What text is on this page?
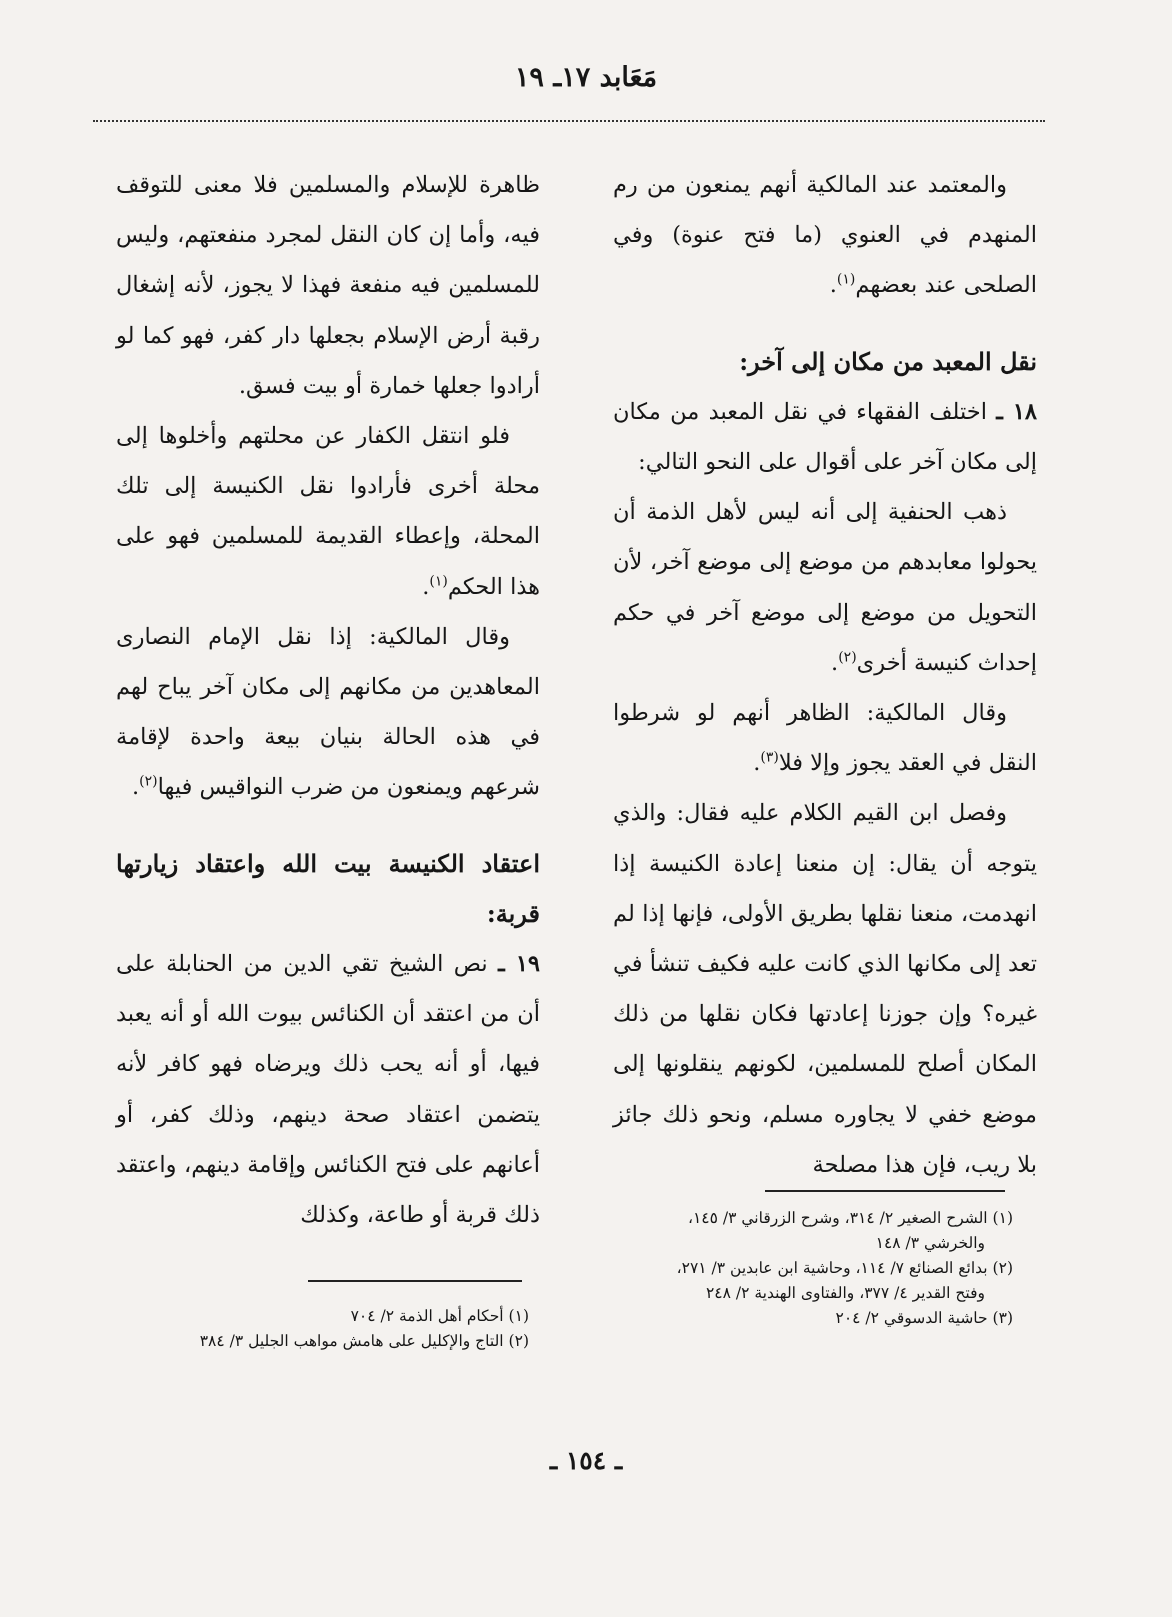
مَعَابد ١٧ـ ١٩

والمعتمد عند المالكية أنهم يمنعون من رم المنهدم في العنوي (ما فتح عنوة) وفي الصلحى عند بعضهم$^{(١)}$.

نقل المعبد من مكان إلى آخر:

١٨ ـ اختلف الفقهاء في نقل المعبد من مكان إلى مكان آخر على أقوال على النحو التالي:

ذهب الحنفية إلى أنه ليس لأهل الذمة أن يحولوا معابدهم من موضع إلى موضع آخر، لأن التحويل من موضع إلى موضع آخر في حكم إحداث كنيسة أخرى$^{(٢)}$.

وقال المالكية: الظاهر أنهم لو شرطوا النقل في العقد يجوز وإلا فلا$^{(٣)}$.

وفصل ابن القيم الكلام عليه فقال: والذي يتوجه أن يقال: إن منعنا إعادة الكنيسة إذا انهدمت، منعنا نقلها بطريق الأولى، فإنها إذا لم تعد إلى مكانها الذي كانت عليه فكيف تنشأ في غيره؟ وإن جوزنا إعادتها فكان نقلها من ذلك المكان أصلح للمسلمين، لكونهم ينقلونها إلى موضع خفي لا يجاوره مسلم، ونحو ذلك جائز بلا ريب، فإن هذا مصلحة

ظاهرة للإسلام والمسلمين فلا معنى للتوقف فيه، وأما إن كان النقل لمجرد منفعتهم، وليس للمسلمين فيه منفعة فهذا لا يجوز، لأنه إشغال رقبة أرض الإسلام بجعلها دار كفر، فهو كما لو أرادوا جعلها خمارة أو بيت فسق.

فلو انتقل الكفار عن محلتهم وأخلوها إلى محلة أخرى فأرادوا نقل الكنيسة إلى تلك المحلة، وإعطاء القديمة للمسلمين فهو على هذا الحكم$^{(١)}$.

وقال المالكية: إذا نقل الإمام النصارى المعاهدين من مكانهم إلى مكان آخر يباح لهم في هذه الحالة بنيان بيعة واحدة لإقامة شرعهم ويمنعون من ضرب النواقيس فيها$^{(٢)}$.

اعتقاد الكنيسة بيت الله واعتقاد زيارتها قربة:

١٩ ـ نص الشيخ تقي الدين من الحنابلة على أن من اعتقد أن الكنائس بيوت الله أو أنه يعبد فيها، أو أنه يحب ذلك ويرضاه فهو كافر لأنه يتضمن اعتقاد صحة دينهم، وذلك كفر، أو أعانهم على فتح الكنائس وإقامة دينهم، واعتقد ذلك قربة أو طاعة، وكذلك	(١) الشرح الصغير ٢/ ٣١٤، وشرح الزرقاني ٣/ ١٤٥،
والخرشي ٣/ ١٤٨

(٢) بدائع الصنائع ٧/ ١١٤، وحاشية ابن عابدين ٣/ ٢٧١،
وفتح القدير ٤/ ٣٧٧، والفتاوى الهندية ٢/ ٢٤٨

(٣) حاشية الدسوقي ٢/ ٢٠٤

(١) أحكام أهل الذمة ٢/ ٧٠٤

(٢) التاج والإكليل على هامش مواهب الجليل ٣/ ٣٨٤

ـ ١٥٤ ـ
